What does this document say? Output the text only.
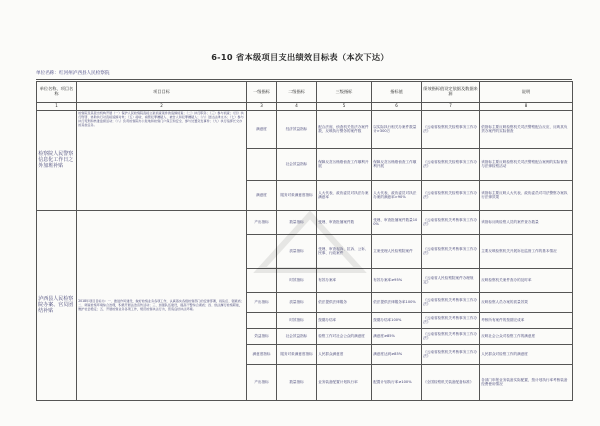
6-10 省本级项目支出绩效目标表（本次下达）
单位名称：红河州泸西县人民检察院
单位名称、项目名称	项目目标	一级指标	二级指标	三级指标	指标值	绩效指标值设定依据及数据来源	说明
1	2	3	4	5	6	7	8
检察院人民警察信息化工作日之外加班补贴	检察院及其派出机构开展（一）保护人民检察院直接立案侦查案件的追缉侦查；（二）执行职务；（三）参与侦查；（四）执行刑罚、协助执行对直接追缉对象；（五）接收、看管犯罪嫌疑人、被告人和犯罪嫌疑人；（六）送达法律文书；（七）参与执行死刑和核准监督活动；（八）负责检察院办公驻地和检察门户保卫和安全、参与处置突发事件；（九）执行指挥长交办的其他任务。	满意度	经济效益指标	配合法庭、侦查机关依法办案件数，反映执行警务的案件数	以实际执行相关办案件数量计>300万	《云南省检察机关检察事务工作办法》	依指标主要反映检察机关司法警察配合反应，反映其负责办案件的实际督查
			社会效益指标	保障反贪污贿赂侦查工作顺利开展	保障反贪污贿赂侦查工作顺利开展	《云南省检察机关检察事务工作办法》	该指标主要反映检察机关司法警察配合案例的实际督查与法律检察活动
		满意度	服务对象满意度指标	人大代表、政协委员对执法办案满意率	人大代表、政协委员对执法办案的满意率>90%	《云南省检察机关检察事务工作办法》	该指标主要反映人大代表、政协委员对司法警察办案执行法律效果
泸西县人民检察院办案、官员团结补贴	2018年项目目标为：一、推进作风建设，做好检察业务各项工作，认真落实各级检察部门的安排部署，抓队伍、强素质；二、调查检察环境综合治理，积极开展法治宣传活动；三、加强队伍建设，提高干警综合素质；四、依法履行检察职能，维护社会稳定；五、开展检察业务各项工作，规范检察执法行为，营造良好执法环境。	产出指标	数量指标	受理、审查批捕案件数	受理、审查批捕案件数量100%	《云南省检察机关考核事务工作办法》	该指标反映检察人员的案件查办数量
			质量指标	受理、审查起诉、抗诉、公诉、民事、行政案件	立案受理人民检察院案件	《云南省检察机关考核事务工作办法》	主要反映检察机关开展诉讼监督工作的基本情况
			时效指标	有效办案率	有效办案率≥95%	《云南省人民检察院案件办理规定》	反映检察机关案件查办的及时率
		产出指标	质量指标	依法提供法律服务	依法提供法律服务率100%	《云南省检察机关考核事务工作办法》	反映检察人员办案的质量效果
			时效指标	按期办结率	按期办结率100%	《云南省检察机关考核事务工作办法》	考核所有案件的按期完成率
		效益指标	社会效益指标	检察工作对社会公众的满意度	满意度≥85%	《云南省检察机关考核事务工作办法》	反映社会公众对检察工作的满意度
		满意度指标	服务对象满意度指标	人民群众满意度	满意度达到≥85%	《云南省检察机关考核事务工作办法》	人民群众对检察工作的满意度
		产出指标	数量指标	业务装备配置计划执行率	配置计划执行率≥100%	《全国检察机关装备配备标准》	各部门申报业务装备实际配置，按计划执行率考核装备经费使用情况
